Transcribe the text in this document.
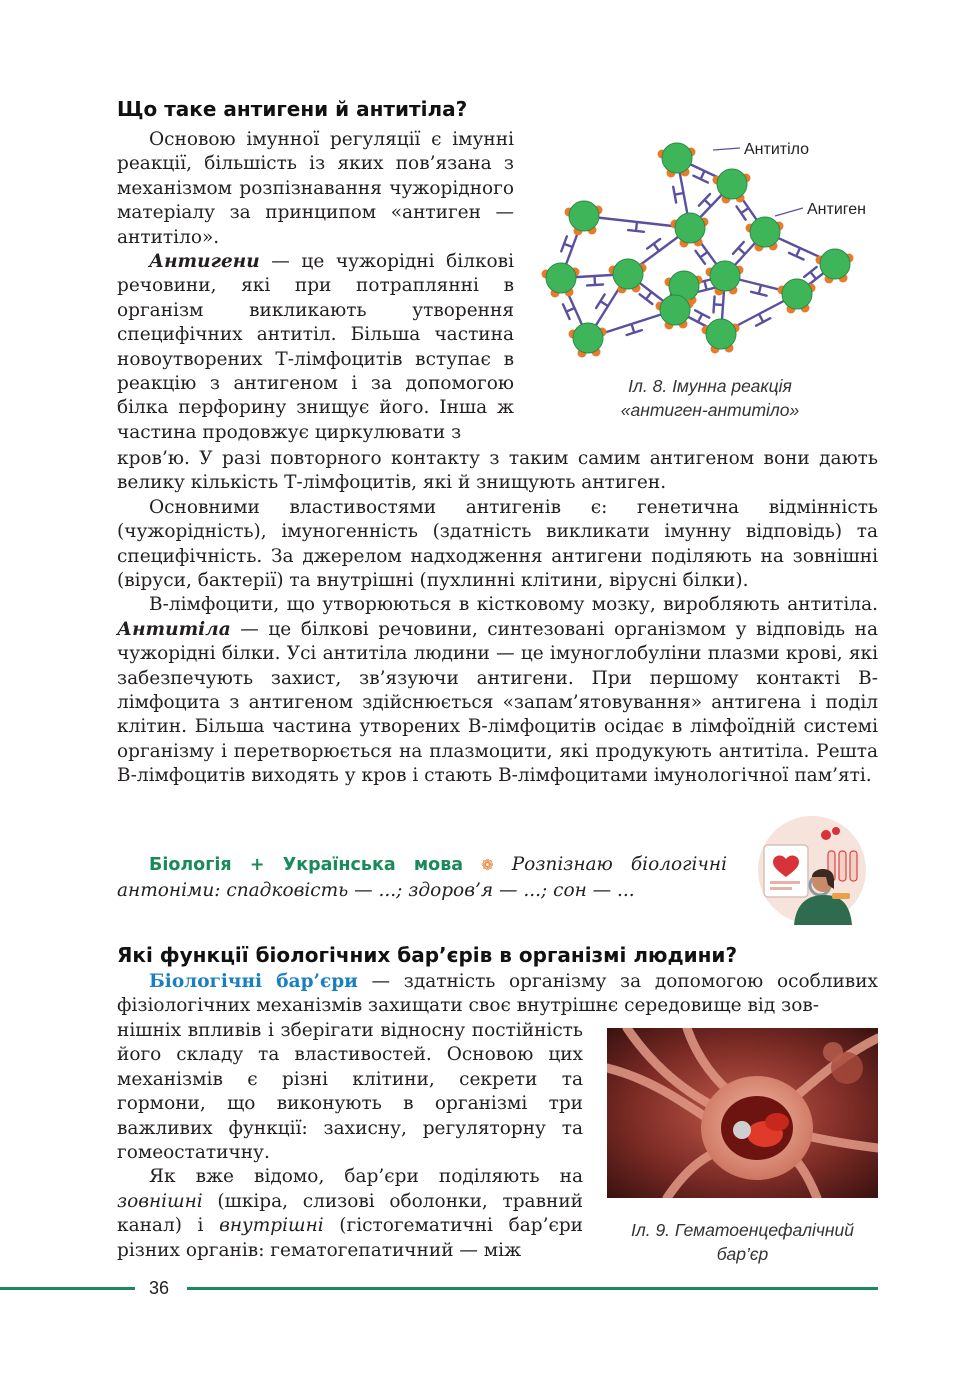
Що таке антигени й антитіла?

Основою імунної регуляції є імунні реакції, більшість із яких пов’язана з механізмом розпізнавання чужорідного матеріалу за принципом «антиген — антитіло».

Антигени — це чужорідні білкові речовини, які при потраплянні в організм викликають утворення специфічних антитіл. Більша частина новоутворених Т-лімфоцитів вступає в реакцію з антигеном і за допомогою білка перфорину знищує його. Інша ж частина продовжує циркулювати з

кров’ю. У разі повторного контакту з таким самим антигеном вони дають велику кількість Т-лімфоцитів, які й знищують антиген.

Основними властивостями антигенів є: генетична відмінність (чужорідність), імуногенність (здатність викликати імунну відповідь) та специфічність. За джерелом надходження антигени поділяють на зовнішні (віруси, бактерії) та внутрішні (пухлинні клітини, вірусні білки).

В-лімфоцити, що утворюються в кістковому мозку, виробляють антитіла. Антитіла — це білкові речовини, синтезовані організмом у відповідь на чужорідні білки. Усі антитіла людини — це імуноглобуліни плазми крові, які забезпечують захист, зв’язуючи антигени. При першому контакті В-лімфоцита з антигеном здійснюється «запам’ятовування» антигена і поділ клітин. Більша частина утворених В-лімфоцитів осідає в лімфоїдній системі організму і перетворюється на плазмоцити, які продукують антитіла. Решта В-лімфоцитів виходять у кров і стають В-лімфоцитами імунологічної пам’яті.

Антитіло
Антиген
Іл. 8. Імунна реакція
«антиген-антитіло»

Біологія + Українська мова ❁ Розпізнаю біологічні антоніми: спадковість — ...; здоров’я — ...; сон — ...

Які функції біологічних бар’єрів в організмі людини?

Біологічні бар’єри — здатність організму за допомогою особливих фізіологічних механізмів захищати своє внутрішнє середовище від зов-

нішніх впливів і зберігати відносну постійність його складу та властивостей. Основою цих механізмів є різні клітини, секрети та гормони, що виконують в організмі три важливих функції: захисну, регуляторну та гомеостатичну.

Як вже відомо, бар’єри поділяють на зовнішні (шкіра, слизові оболонки, травний канал) і внутрішні (гістогематичні бар’єри різних органів: гематогепатичний — між

Іл. 9. Гематоенцефалічний
бар’єр
36
